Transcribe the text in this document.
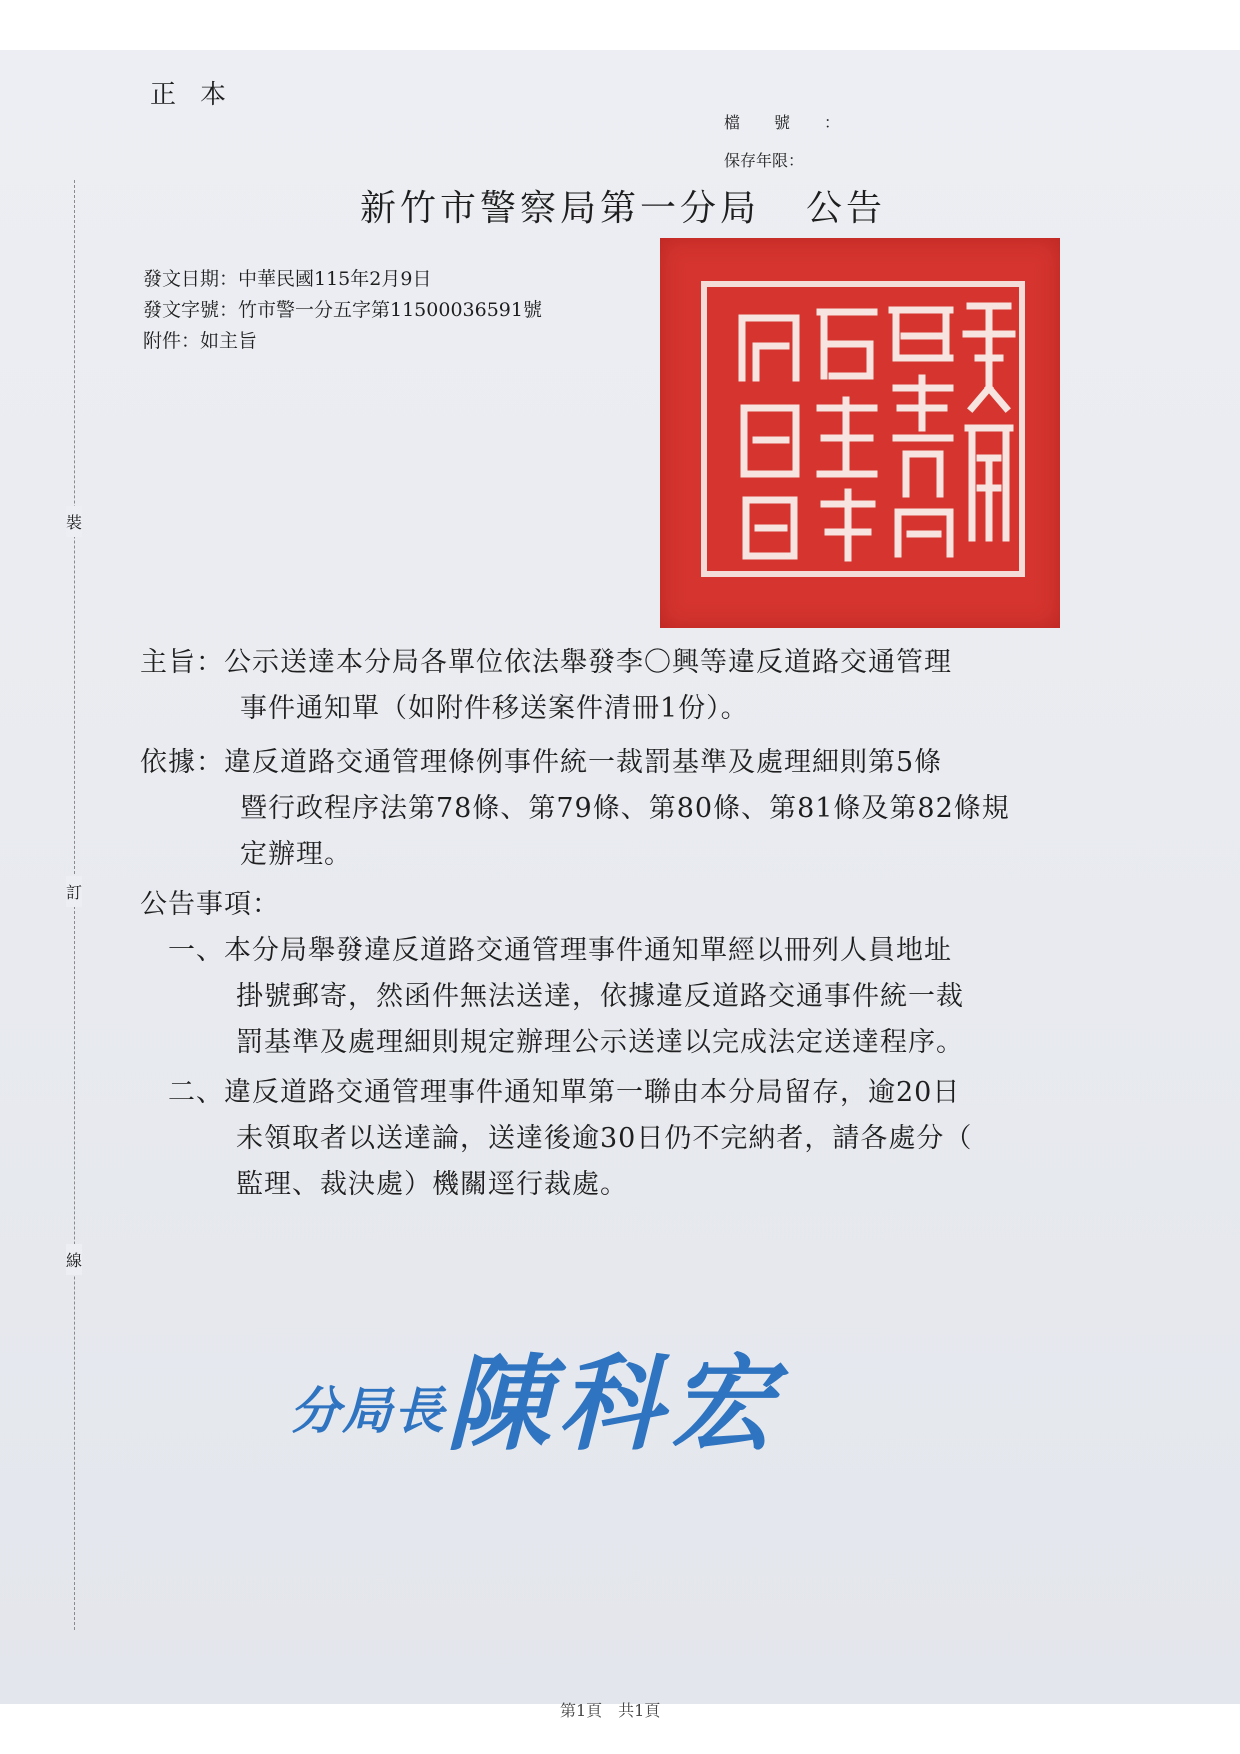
正本
檔號：
保存年限：
新竹市警察局第一分局 公告
發文日期：中華民國115年2月9日
發文字號：竹市警一分五字第11500036591號
附件：如主旨
裝
訂
線
主旨：公示送達本分局各單位依法舉發李〇興等違反道路交通管理
事件通知單（如附件移送案件清冊1份）。
依據：違反道路交通管理條例事件統一裁罰基準及處理細則第5條
暨行政程序法第78條、第79條、第80條、第81條及第82條規
定辦理。
公告事項：
一、本分局舉發違反道路交通管理事件通知單經以冊列人員地址
掛號郵寄，然函件無法送達，依據違反道路交通事件統一裁
罰基準及處理細則規定辦理公示送達以完成法定送達程序。
二、違反道路交通管理事件通知單第一聯由本分局留存，逾20日
未領取者以送達論，送達後逾30日仍不完納者，請各處分（
監理、裁決處）機關逕行裁處。
分局長陳科宏
第1頁　共1頁
